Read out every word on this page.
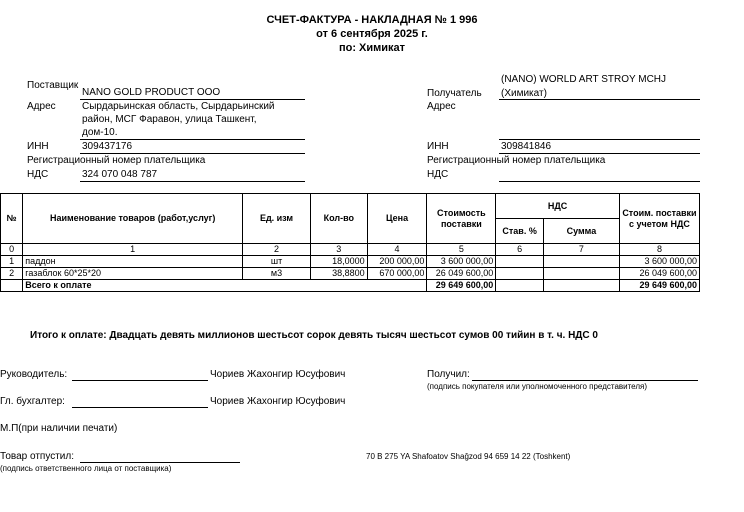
СЧЕТ-ФАКТУРА - НАКЛАДНАЯ № 1 996
от 6 сентября 2025 г.
по: Химикат
Поставщик
NANO GOLD PRODUCT OOO
Адрес	Сырдарьинская область, Сырдарьинский
район, МСГ Фаравон, улица Ташкент,
дом-10.
ИНН	309437176
Регистрационный номер плательщика
НДС	324 070 048 787
(NANO) WORLD ART STROY MCHJ
Получатель (Химикат)
Адрес
ИНН	309841846
Регистрационный номер плательщика
НДС
№	Наименование товаров (работ,услуг)	Ед. изм	Кол-во	Цена	Стоимость поставки	НДС		Стоим. поставки с учетом НДС
						Став. %	Сумма	
0	1	2	3	4	5	6	7	8
1	паддон	шт	18,0000	200 000,00	3 600 000,00			3 600 000,00
2	газаблок 60*25*20	м3	38,8800	670 000,00	26 049 600,00			26 049 600,00
	Всего к оплате				29 649 600,00			29 649 600,00
Итого к оплате: Двадцать девять миллионов шестьсот сорок девять тысяч шестьсот сумов 00 тийин в т. ч. НДС 0
Руководитель:	Чориев Жахонгир Юсуфович	Получил:
(подпись покупателя или уполномоченного представителя)
Гл. бухгалтер:	Чориев Жахонгир Юсуфович
М.П(при наличии печати)
Товар отпустил:
(подпись ответственного лица от поставщика)
70 B 275 YA Shafoatov Shağzod 94 659 14 22 (Toshkent)
